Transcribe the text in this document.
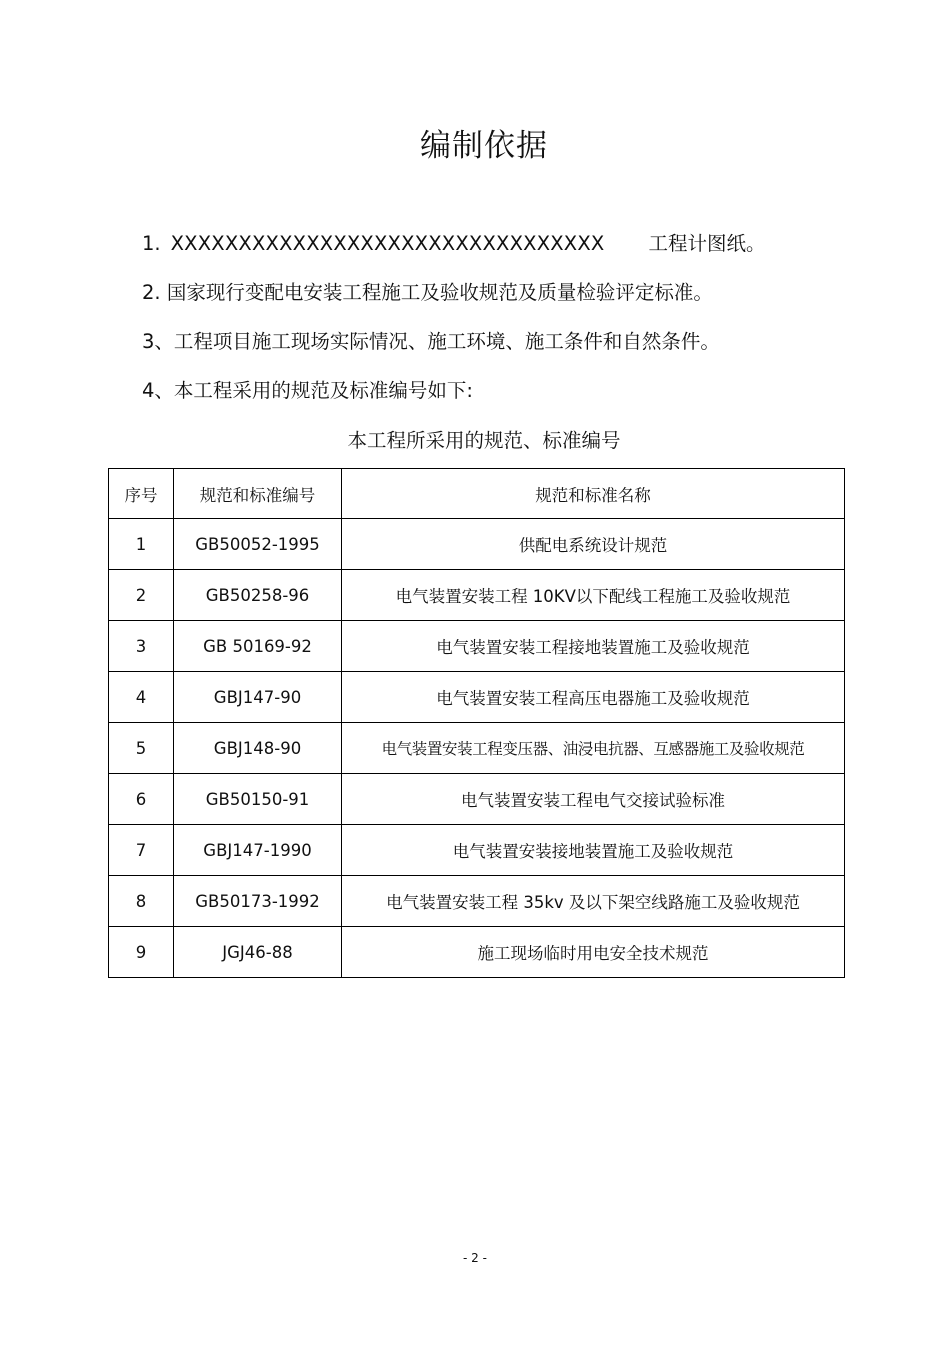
编制依据
1. XXXXXXXXXXXXXXXXXXXXXXXXXXXXXXXX 工程计图纸。
2. 国家现行变配电安装工程施工及验收规范及质量检验评定标准。
3、工程项目施工现场实际情况、施工环境、施工条件和自然条件。
4、本工程采用的规范及标准编号如下:
本工程所采用的规范、标准编号
序号	规范和标准编号	规范和标准名称
1	GB50052-1995	供配电系统设计规范
2	GB50258-96	电气装置安装工程 10KV以下配线工程施工及验收规范
3	GB 50169-92	电气装置安装工程接地装置施工及验收规范
4	GBJ147-90	电气装置安装工程高压电器施工及验收规范
5	GBJ148-90	电气装置安装工程变压器、油浸电抗器、互感器施工及验收规范
6	GB50150-91	电气装置安装工程电气交接试验标准
7	GBJ147-1990	电气装置安装接地装置施工及验收规范
8	GB50173-1992	电气装置安装工程 35kv 及以下架空线路施工及验收规范
9	JGJ46-88	施工现场临时用电安全技术规范
- 2 -
